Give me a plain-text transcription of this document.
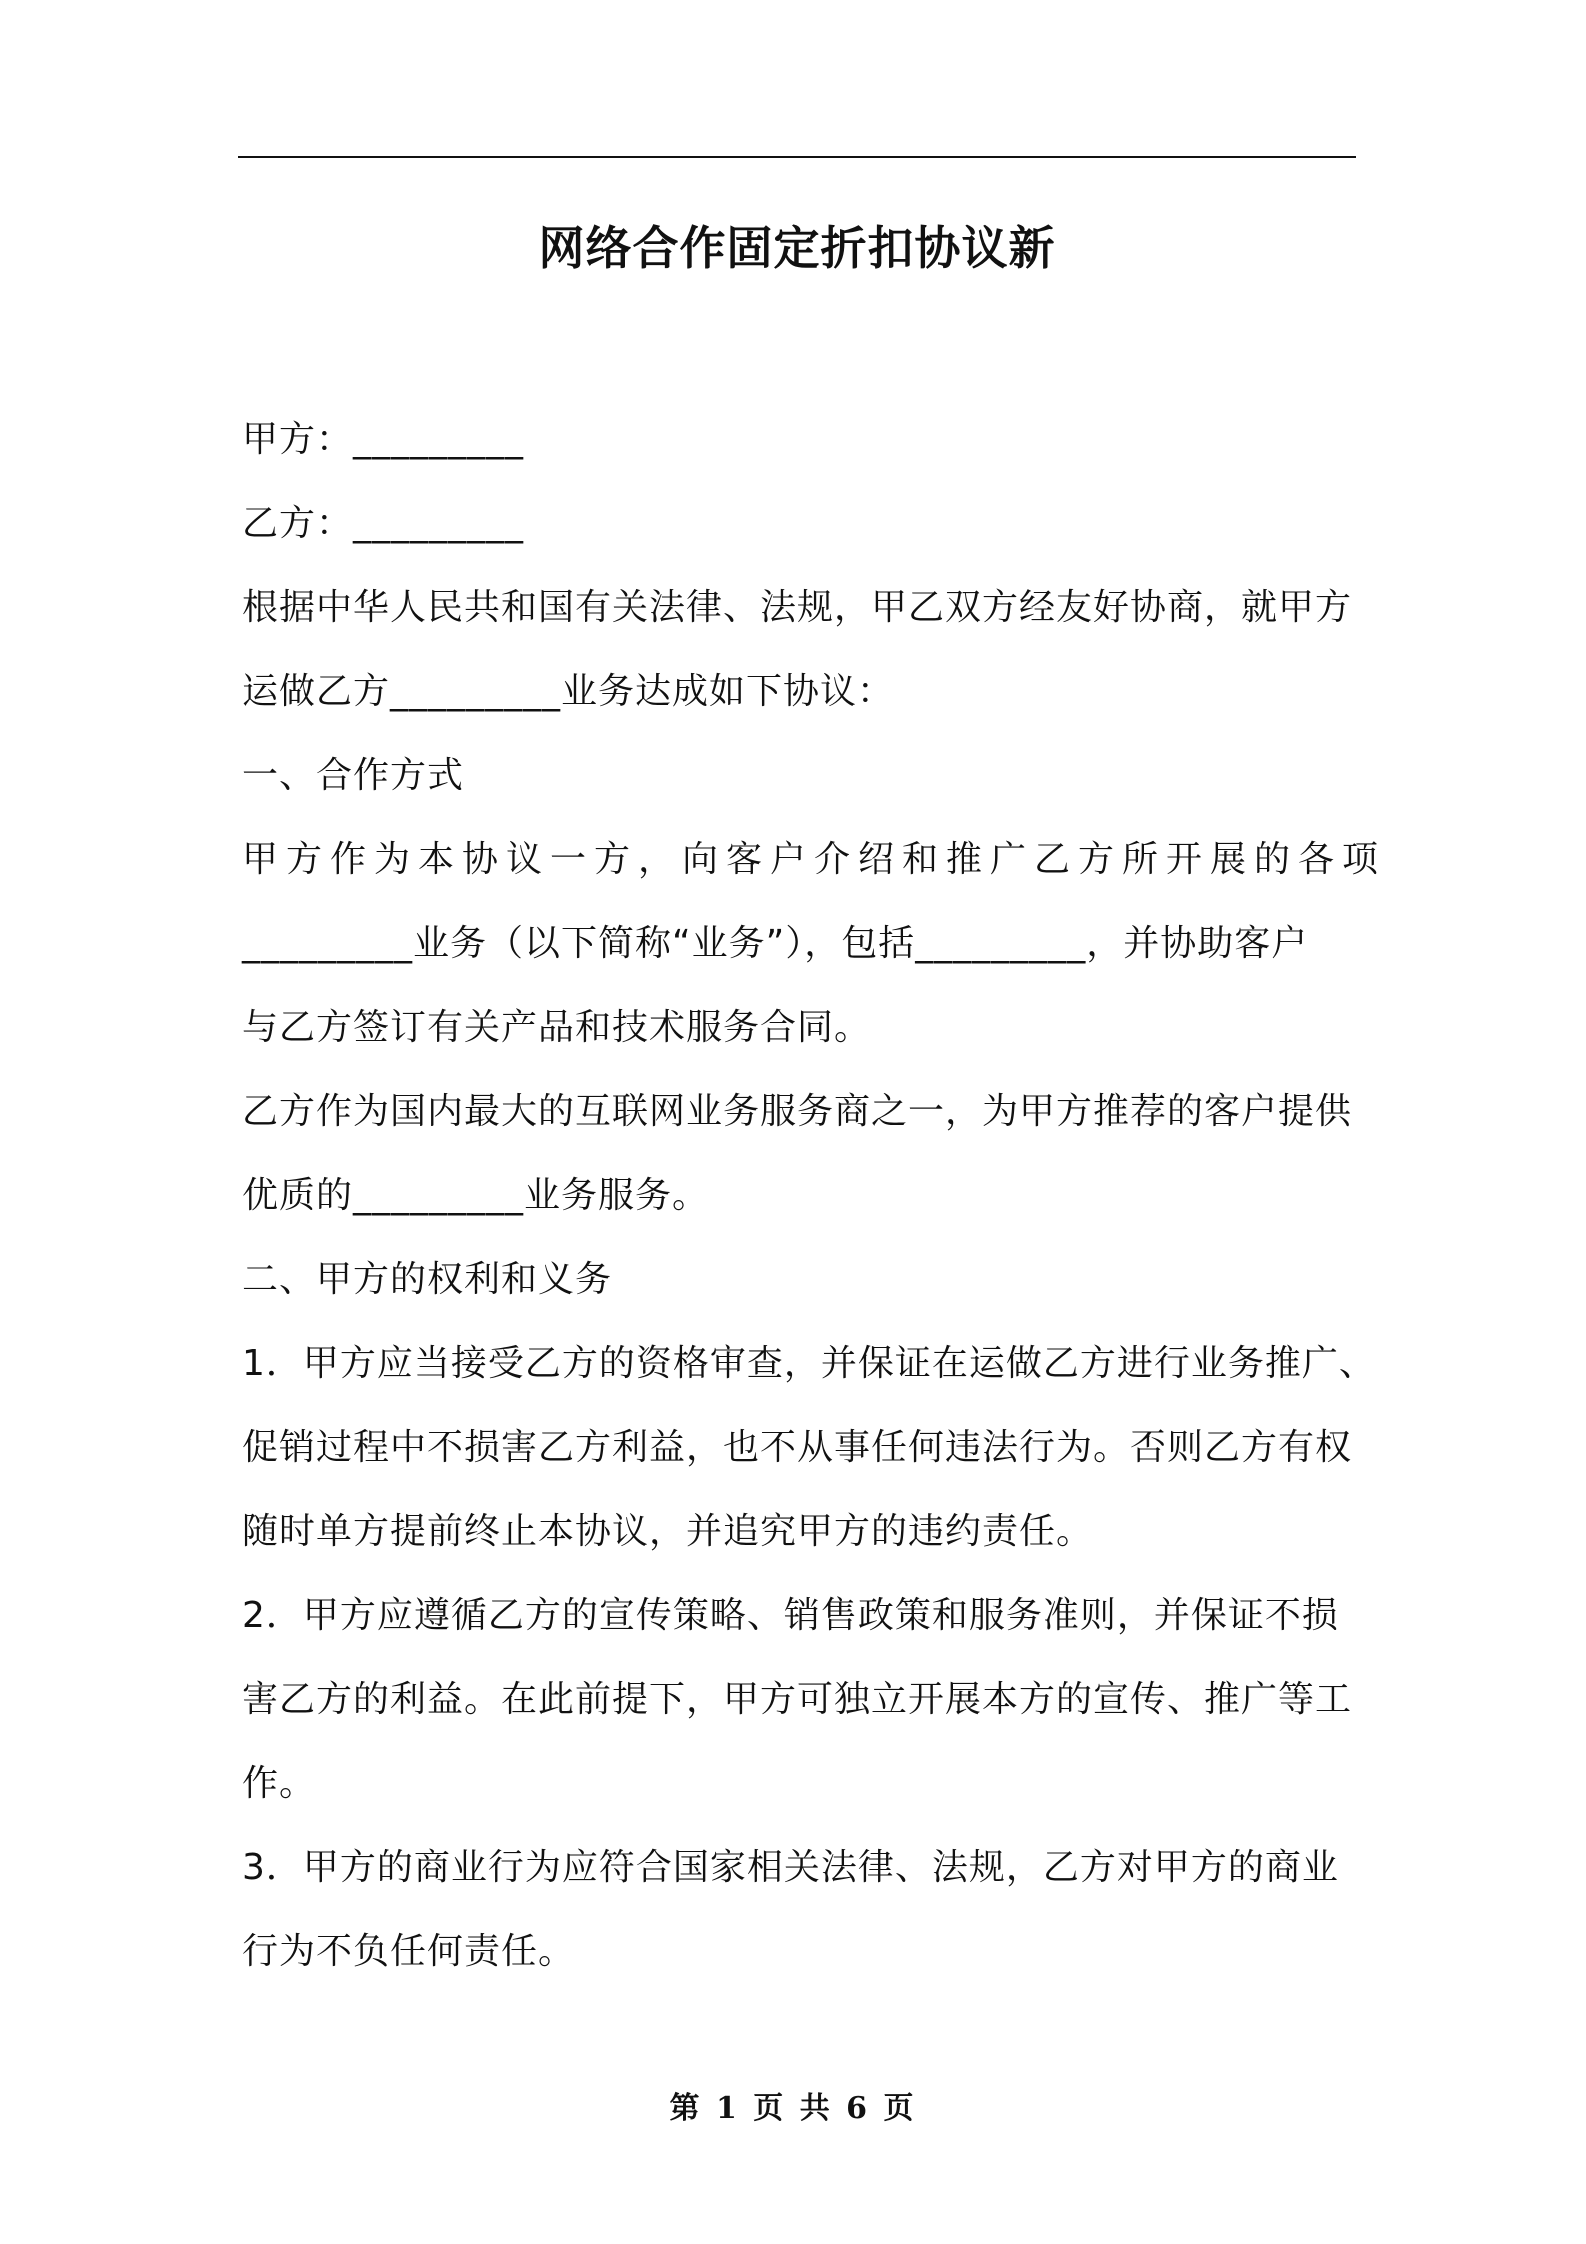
网络合作固定折扣协议新
甲方：_________
乙方：_________
根据中华人民共和国有关法律、法规，甲乙双方经友好协商，就甲方
运做乙方_________业务达成如下协议：
一、合作方式
甲方作为本协议一方，向客户介绍和推广乙方所开展的各项
_________业务（以下简称“业务”），包括_________，并协助客户
与乙方签订有关产品和技术服务合同。
乙方作为国内最大的互联网业务服务商之一，为甲方推荐的客户提供
优质的_________业务服务。
二、甲方的权利和义务
1．甲方应当接受乙方的资格审查，并保证在运做乙方进行业务推广、
促销过程中不损害乙方利益，也不从事任何违法行为。否则乙方有权
随时单方提前终止本协议，并追究甲方的违约责任。
2．甲方应遵循乙方的宣传策略、销售政策和服务准则，并保证不损
害乙方的利益。在此前提下，甲方可独立开展本方的宣传、推广等工
作。
3．甲方的商业行为应符合国家相关法律、法规，乙方对甲方的商业
行为不负任何责任。
第 1 页 共 6 页
